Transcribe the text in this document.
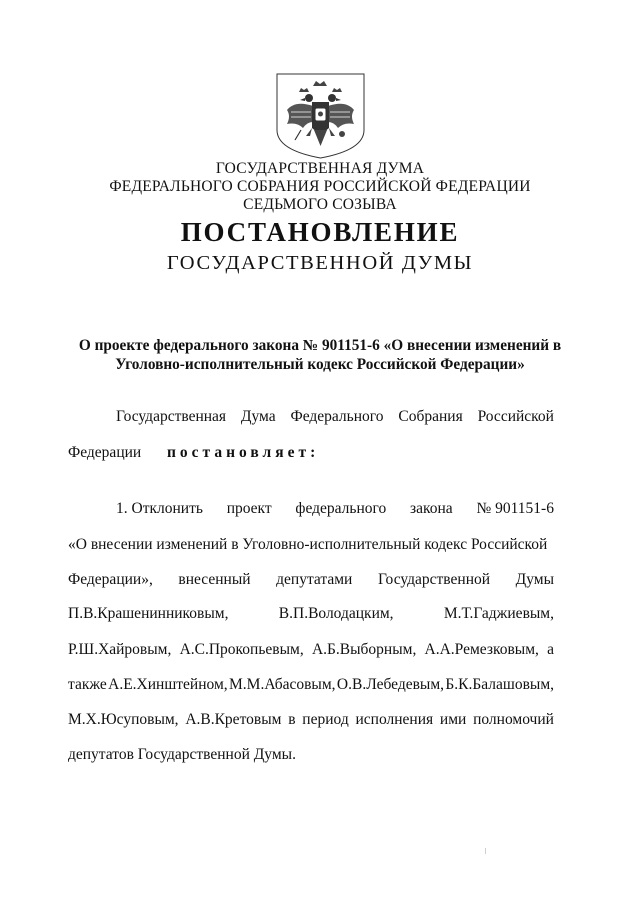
ГОСУДАРСТВЕННАЯ ДУМА
ФЕДЕРАЛЬНОГО СОБРАНИЯ РОССИЙСКОЙ ФЕДЕРАЦИИ
СЕДЬМОГО СОЗЫВА
ПОСТАНОВЛЕНИЕ
ГОСУДАРСТВЕННОЙ ДУМЫ
О проекте федерального закона № 901151-6 «О внесении изменений в
Уголовно-исполнительный кодекс Российской Федерации»
Государственная Дума Федерального Собрания Российской
Федерации постановляет:
1. Отклонить проект федерального закона № 901151-6
«О внесении изменений в Уголовно-исполнительный кодекс Российской
Федерации», внесенный депутатами Государственной Думы
П.В.Крашенинниковым,	В.П.Володацким,	М.Т.Гаджиевым,
Р.Ш.Хайровым, А.С.Прокопьевым, А.Б.Выборным, А.А.Ремезковым, а
также А.Е.Хинштейном, М.М.Абасовым, О.В.Лебедевым, Б.К.Балашовым,
М.Х.Юсуповым, А.В.Кретовым в период исполнения ими полномочий
депутатов Государственной Думы.
